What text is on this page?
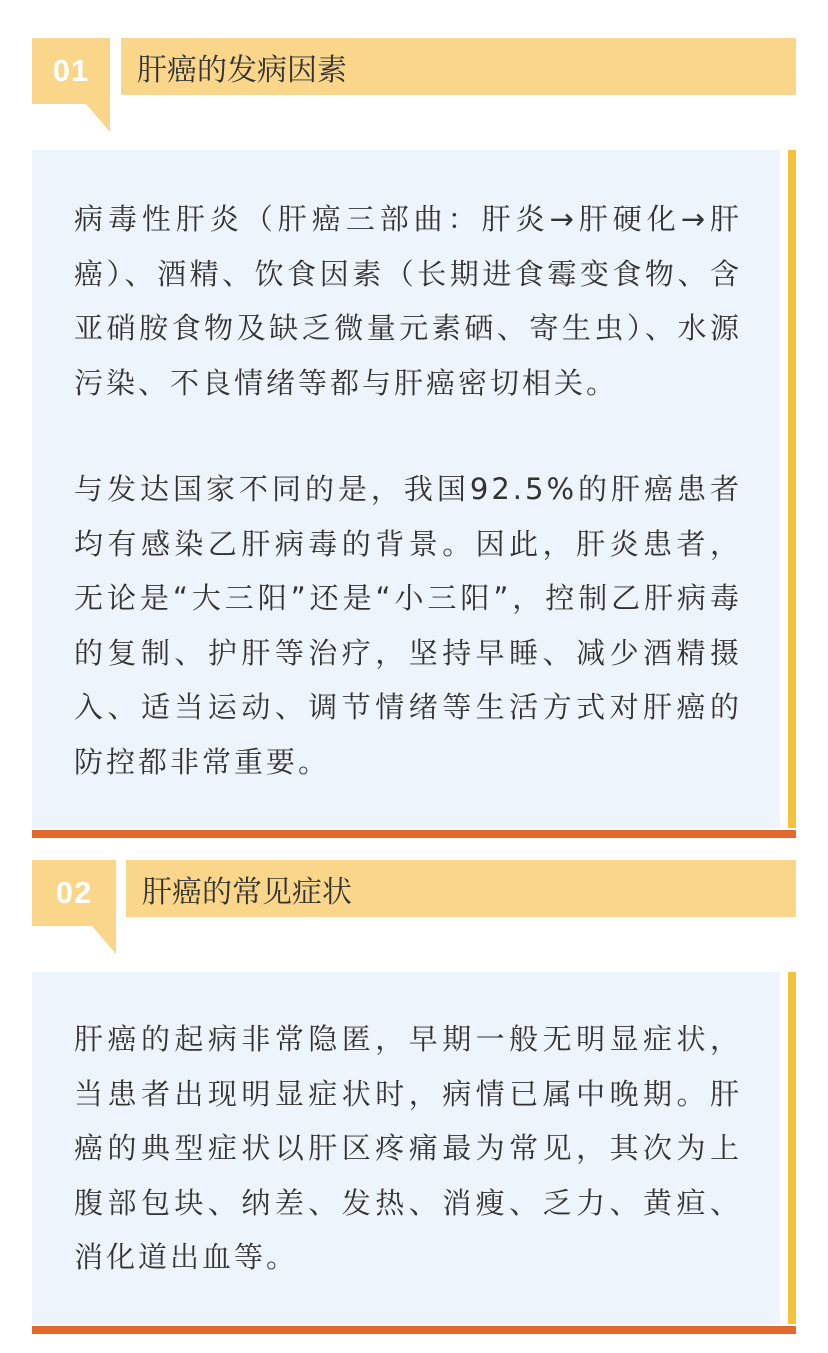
01	肝癌的发病因素

病毒性肝炎（肝癌三部曲：肝炎→肝硬化→肝癌）、酒精、饮食因素（长期进食霉变食物、含亚硝胺食物及缺乏微量元素硒、寄生虫）、水源污染、不良情绪等都与肝癌密切相关。

与发达国家不同的是，我国92.5%的肝癌患者均有感染乙肝病毒的背景。因此，肝炎患者，无论是“大三阳”还是“小三阳”，控制乙肝病毒的复制、护肝等治疗，坚持早睡、减少酒精摄入、适当运动、调节情绪等生活方式对肝癌的防控都非常重要。

02	肝癌的常见症状

肝癌的起病非常隐匿，早期一般无明显症状，当患者出现明显症状时，病情已属中晚期。肝癌的典型症状以肝区疼痛最为常见，其次为上腹部包块、纳差、发热、消瘦、乏力、黄疸、消化道出血等。
